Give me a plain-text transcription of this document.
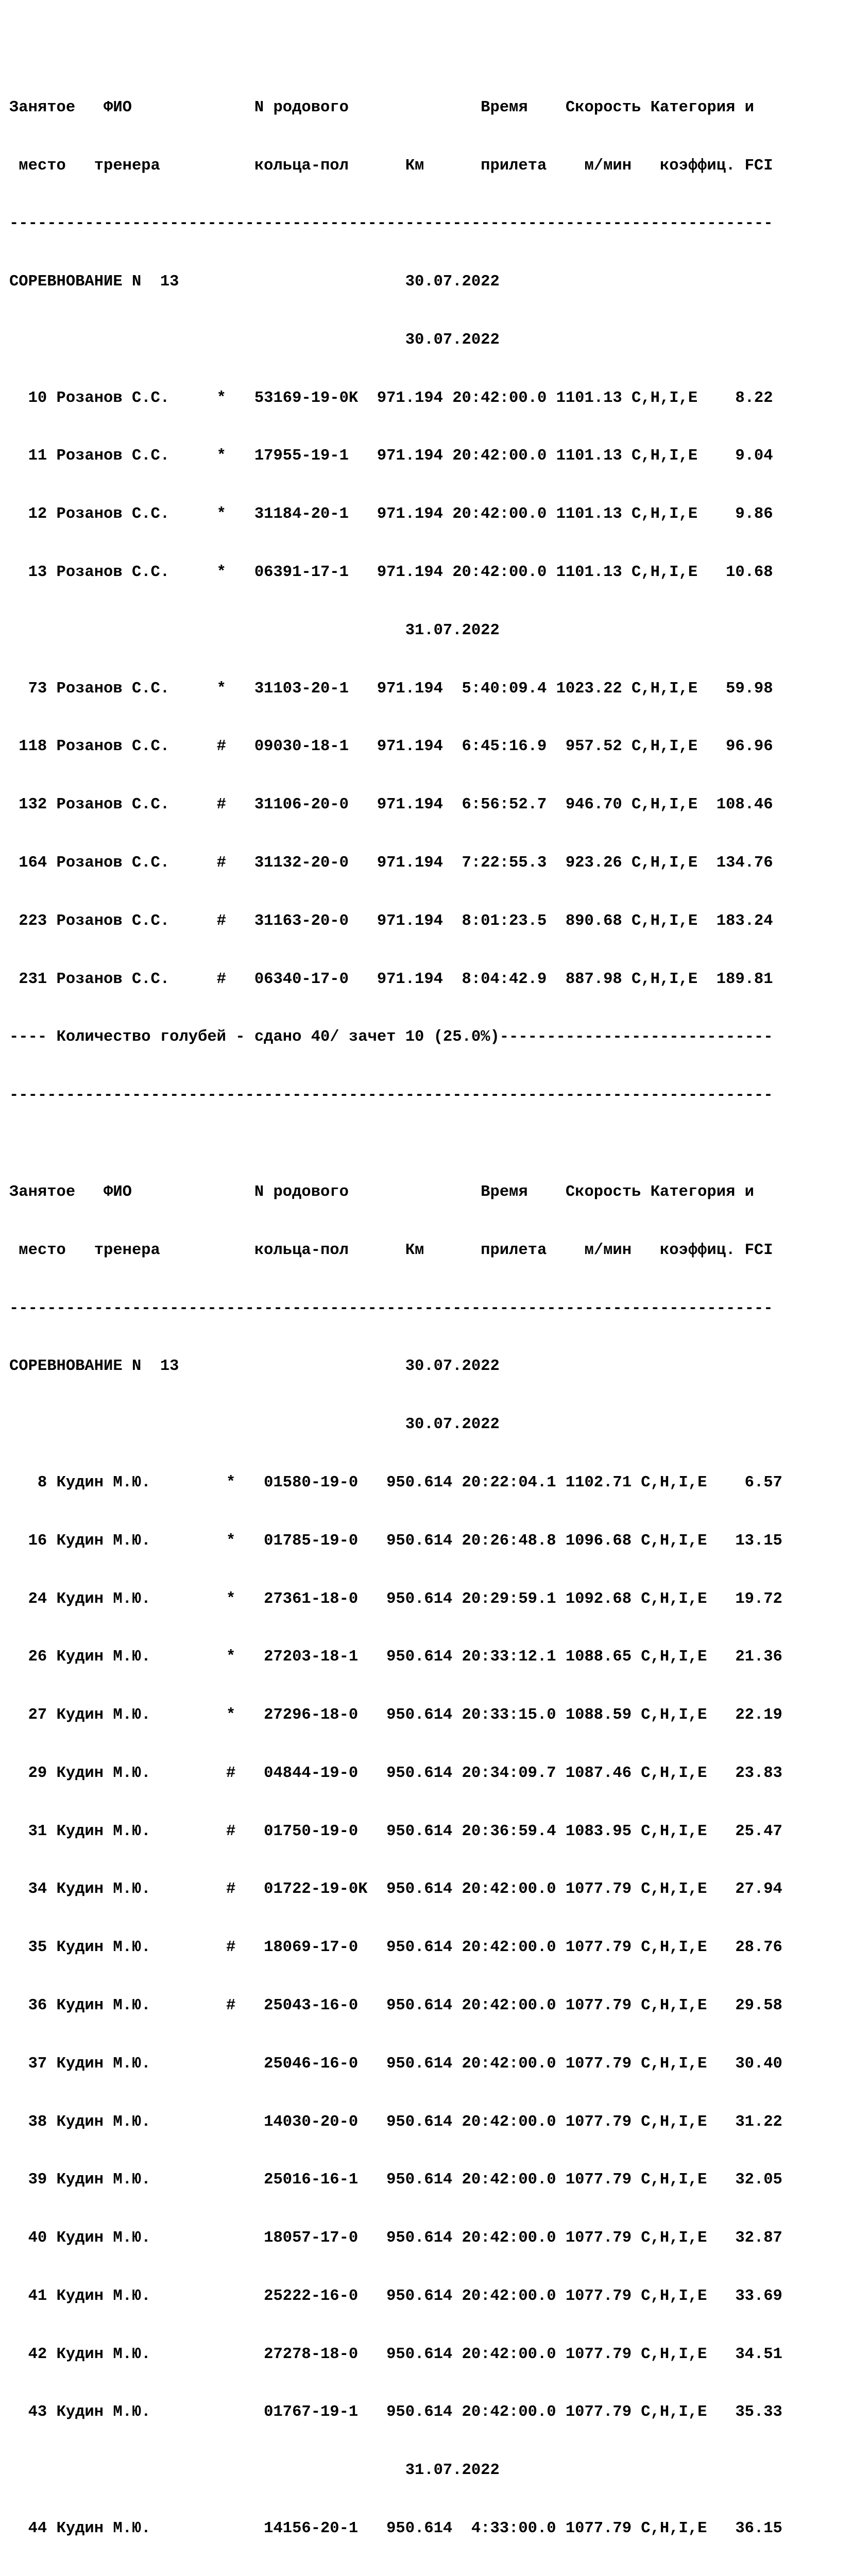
Занятое   ФИО             N родового              Время    Скорость Категория и

место   тренера          кольца-пол      Км      прилета    м/мин   коэффиц. FCI

---------------------------------------------------------------------------------

СОРЕВНОВАНИЕ N  13                        30.07.2022

30.07.2022

10 Розанов С.С.     *   53169-19-0K  971.194 20:42:00.0 1101.13 C,H,I,E    8.22

11 Розанов С.С.     *   17955-19-1   971.194 20:42:00.0 1101.13 C,H,I,E    9.04

12 Розанов С.С.     *   31184-20-1   971.194 20:42:00.0 1101.13 C,H,I,E    9.86

13 Розанов С.С.     *   06391-17-1   971.194 20:42:00.0 1101.13 C,H,I,E   10.68

31.07.2022

73 Розанов С.С.     *   31103-20-1   971.194  5:40:09.4 1023.22 C,H,I,E   59.98

118 Розанов С.С.     #   09030-18-1   971.194  6:45:16.9  957.52 C,H,I,E   96.96

132 Розанов С.С.     #   31106-20-0   971.194  6:56:52.7  946.70 C,H,I,E  108.46

164 Розанов С.С.     #   31132-20-0   971.194  7:22:55.3  923.26 C,H,I,E  134.76

223 Розанов С.С.     #   31163-20-0   971.194  8:01:23.5  890.68 C,H,I,E  183.24

231 Розанов С.С.     #   06340-17-0   971.194  8:04:42.9  887.98 C,H,I,E  189.81

---- Количество голубей - сдано 40/ зачет 10 (25.0%)-----------------------------

---------------------------------------------------------------------------------

Занятое   ФИО             N родового              Время    Скорость Категория и

место   тренера          кольца-пол      Км      прилета    м/мин   коэффиц. FCI

---------------------------------------------------------------------------------

СОРЕВНОВАНИЕ N  13                        30.07.2022

30.07.2022

8 Кудин М.Ю.        *   01580-19-0   950.614 20:22:04.1 1102.71 C,H,I,E    6.57

16 Кудин М.Ю.        *   01785-19-0   950.614 20:26:48.8 1096.68 C,H,I,E   13.15

24 Кудин М.Ю.        *   27361-18-0   950.614 20:29:59.1 1092.68 C,H,I,E   19.72

26 Кудин М.Ю.        *   27203-18-1   950.614 20:33:12.1 1088.65 C,H,I,E   21.36

27 Кудин М.Ю.        *   27296-18-0   950.614 20:33:15.0 1088.59 C,H,I,E   22.19

29 Кудин М.Ю.        #   04844-19-0   950.614 20:34:09.7 1087.46 C,H,I,E   23.83

31 Кудин М.Ю.        #   01750-19-0   950.614 20:36:59.4 1083.95 C,H,I,E   25.47

34 Кудин М.Ю.        #   01722-19-0K  950.614 20:42:00.0 1077.79 C,H,I,E   27.94

35 Кудин М.Ю.        #   18069-17-0   950.614 20:42:00.0 1077.79 C,H,I,E   28.76

36 Кудин М.Ю.        #   25043-16-0   950.614 20:42:00.0 1077.79 C,H,I,E   29.58

37 Кудин М.Ю.            25046-16-0   950.614 20:42:00.0 1077.79 C,H,I,E   30.40

38 Кудин М.Ю.            14030-20-0   950.614 20:42:00.0 1077.79 C,H,I,E   31.22

39 Кудин М.Ю.            25016-16-1   950.614 20:42:00.0 1077.79 C,H,I,E   32.05

40 Кудин М.Ю.            18057-17-0   950.614 20:42:00.0 1077.79 C,H,I,E   32.87

41 Кудин М.Ю.            25222-16-0   950.614 20:42:00.0 1077.79 C,H,I,E   33.69

42 Кудин М.Ю.            27278-18-0   950.614 20:42:00.0 1077.79 C,H,I,E   34.51

43 Кудин М.Ю.            01767-19-1   950.614 20:42:00.0 1077.79 C,H,I,E   35.33

31.07.2022

44 Кудин М.Ю.            14156-20-1   950.614  4:33:00.0 1077.79 C,H,I,E   36.15
